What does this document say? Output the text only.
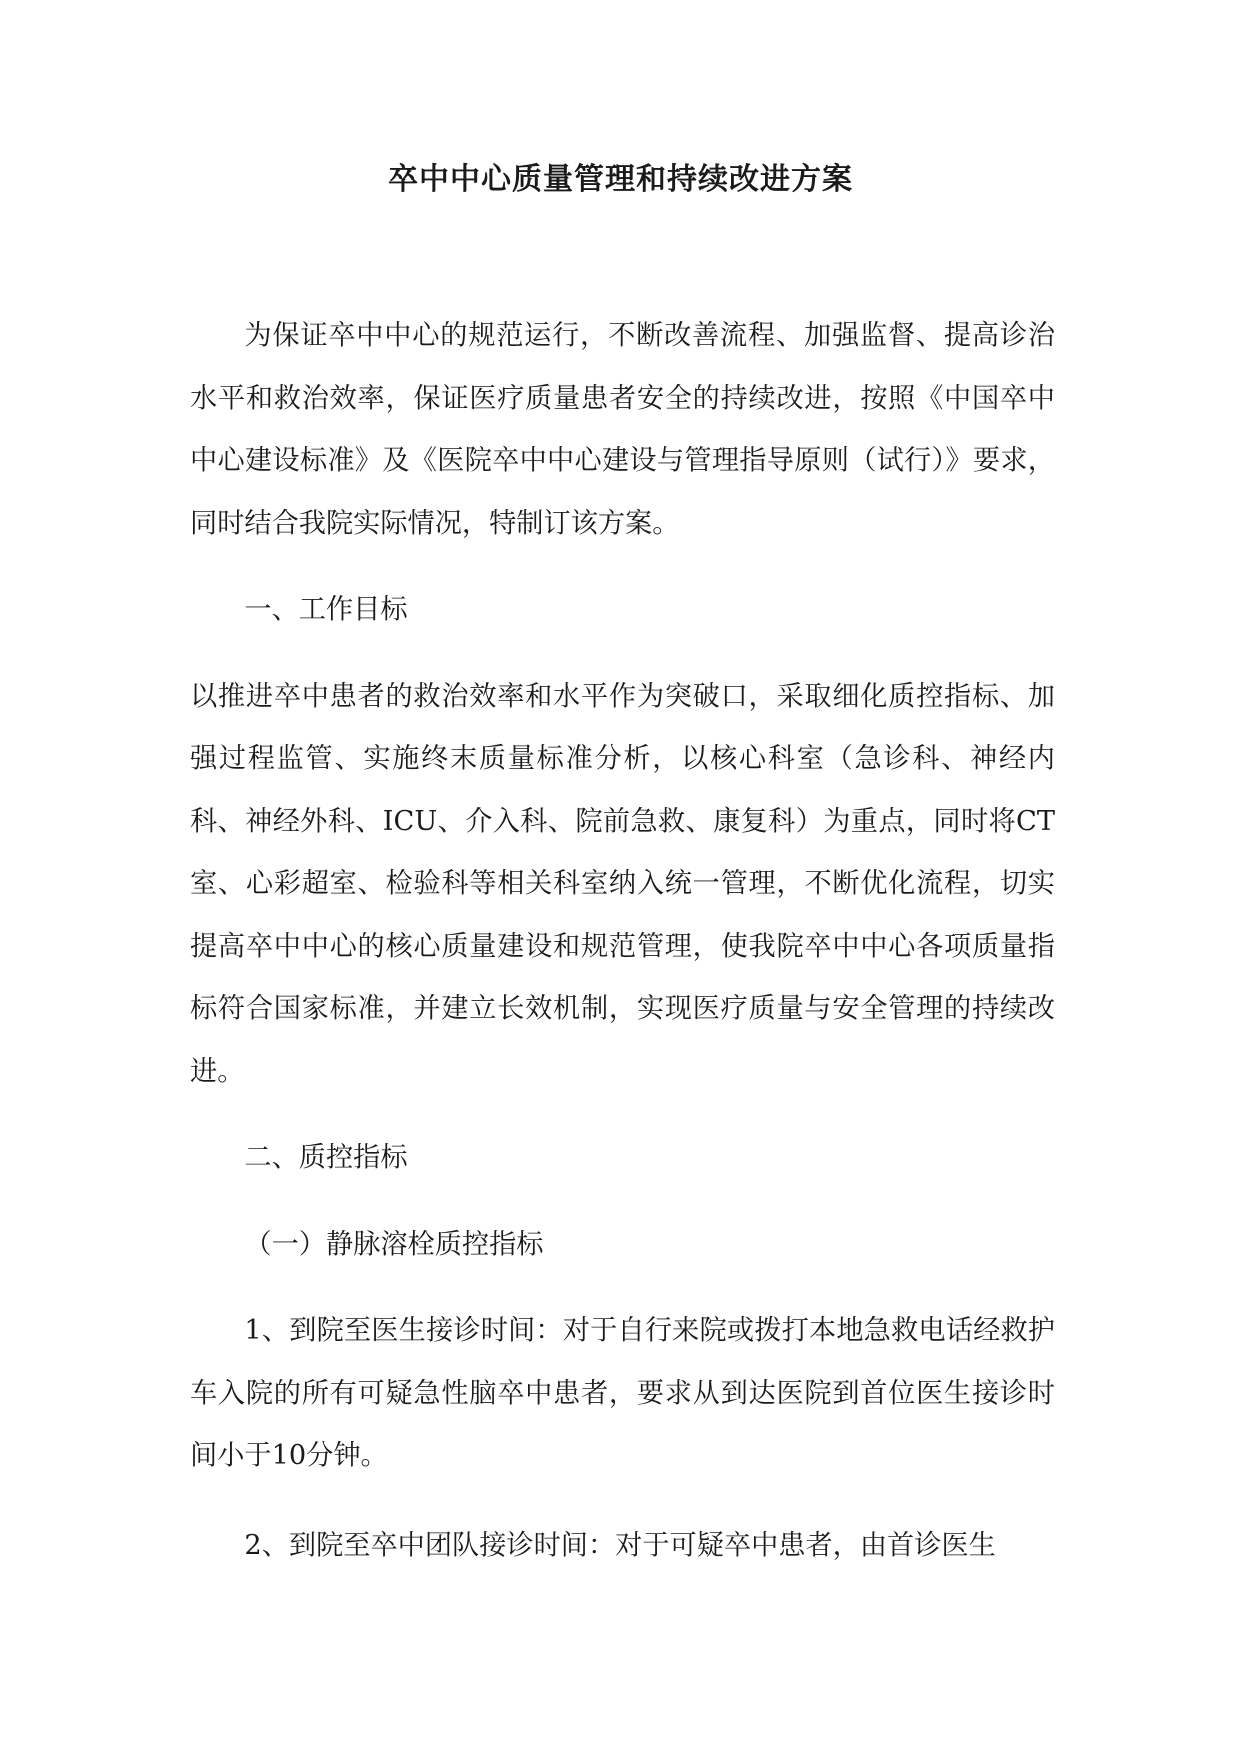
卒中中心质量管理和持续改进方案

为保证卒中中心的规范运行，不断改善流程、加强监督、提高诊治水平和救治效率，保证医疗质量患者安全的持续改进，按照《中国卒中中心建设标准》及《医院卒中中心建设与管理指导原则（试行）》要求，同时结合我院实际情况，特制订该方案。

一、工作目标

以推进卒中患者的救治效率和水平作为突破口，采取细化质控指标、加强过程监管、实施终末质量标准分析，以核心科室（急诊科、神经内科、神经外科、ICU、介入科、院前急救、康复科）为重点，同时将CT室、心彩超室、检验科等相关科室纳入统一管理，不断优化流程，切实提高卒中中心的核心质量建设和规范管理，使我院卒中中心各项质量指标符合国家标准，并建立长效机制，实现医疗质量与安全管理的持续改进。

二、质控指标

（一）静脉溶栓质控指标

1、到院至医生接诊时间：对于自行来院或拨打本地急救电话经救护车入院的所有可疑急性脑卒中患者，要求从到达医院到首位医生接诊时间小于10分钟。

2、到院至卒中团队接诊时间：对于可疑卒中患者，由首诊医生
